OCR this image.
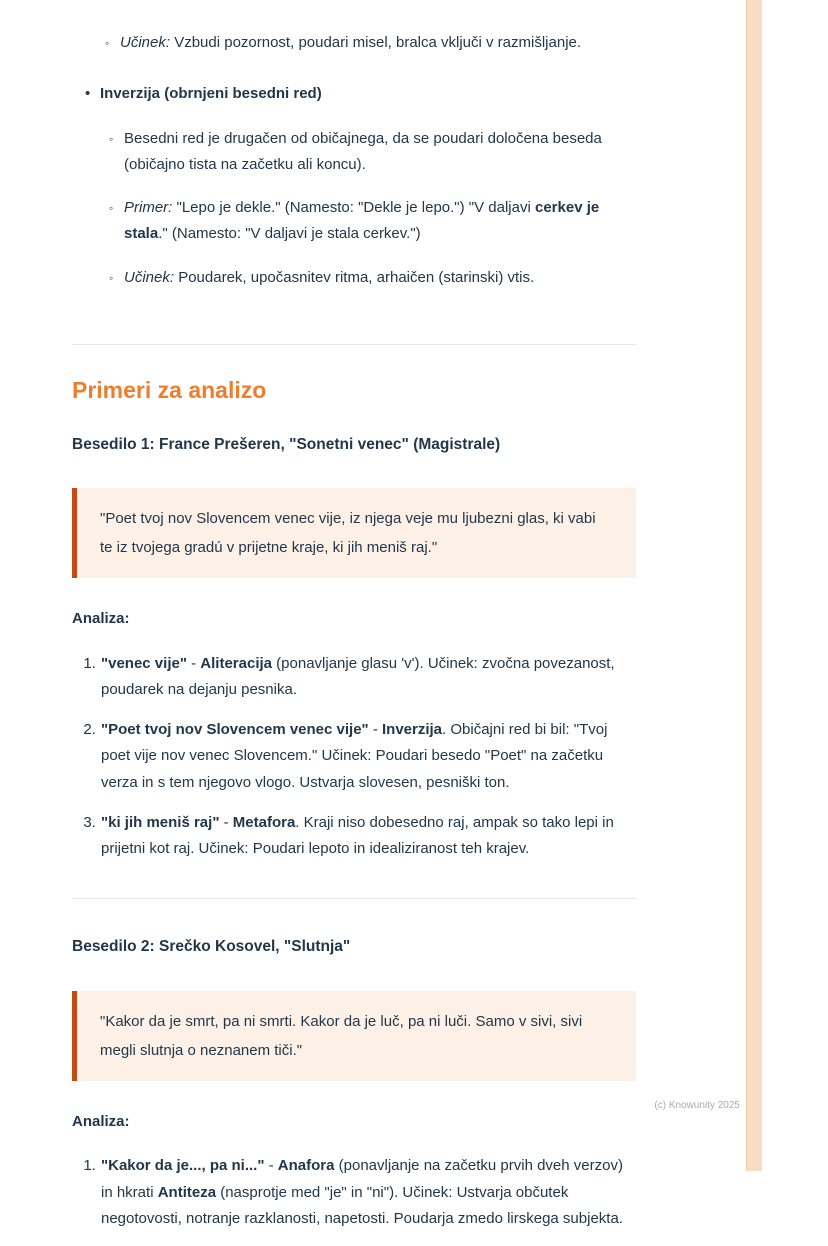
◦ Učinek: Vzbudi pozornost, poudari misel, bralca vključi v razmišljanje.

• Inverzija (obrnjeni besedni red)

◦ Besedni red je drugačen od običajnega, da se poudari določena beseda (običajno tista na začetku ali koncu).

◦ Primer: "Lepo je dekle." (Namesto: "Dekle je lepo.") "V daljavi cerkev je stala." (Namesto: "V daljavi je stala cerkev.")

◦ Učinek: Poudarek, upočasnitev ritma, arhaičen (starinski) vtis.

Primeri za analizo
Besedilo 1: France Prešeren, "Sonetni venec" (Magistrale)

"Poet tvoj nov Slovencem venec vije, iz njega veje mu ljubezni glas, ki vabi te iz tvojega gradú v prijetne kraje, ki jih meniš raj."

Analiza:

1. "venec vije" - Aliteracija (ponavljanje glasu 'v'). Učinek: zvočna povezanost, poudarek na dejanju pesnika.
2. "Poet tvoj nov Slovencem venec vije" - Inverzija. Običajni red bi bil: "Tvoj poet vije nov venec Slovencem." Učinek: Poudari besedo "Poet" na začetku verza in s tem njegovo vlogo. Ustvarja slovesen, pesniški ton.
3. "ki jih meniš raj" - Metafora. Kraji niso dobesedno raj, ampak so tako lepi in prijetni kot raj. Učinek: Poudari lepoto in idealiziranost teh krajev.
Besedilo 2: Srečko Kosovel, "Slutnja"

"Kakor da je smrt, pa ni smrti. Kakor da je luč, pa ni luči. Samo v sivi, sivi megli slutnja o neznanem tiči."

Analiza:

1. "Kakor da je..., pa ni..." - Anafora (ponavljanje na začetku prvih dveh verzov) in hkrati Antiteza (nasprotje med "je" in "ni"). Učinek: Ustvarja občutek negotovosti, notranje razklanosti, napetosti. Poudarja zmedo lirskega subjekta.
(c) Knowunity 2025
